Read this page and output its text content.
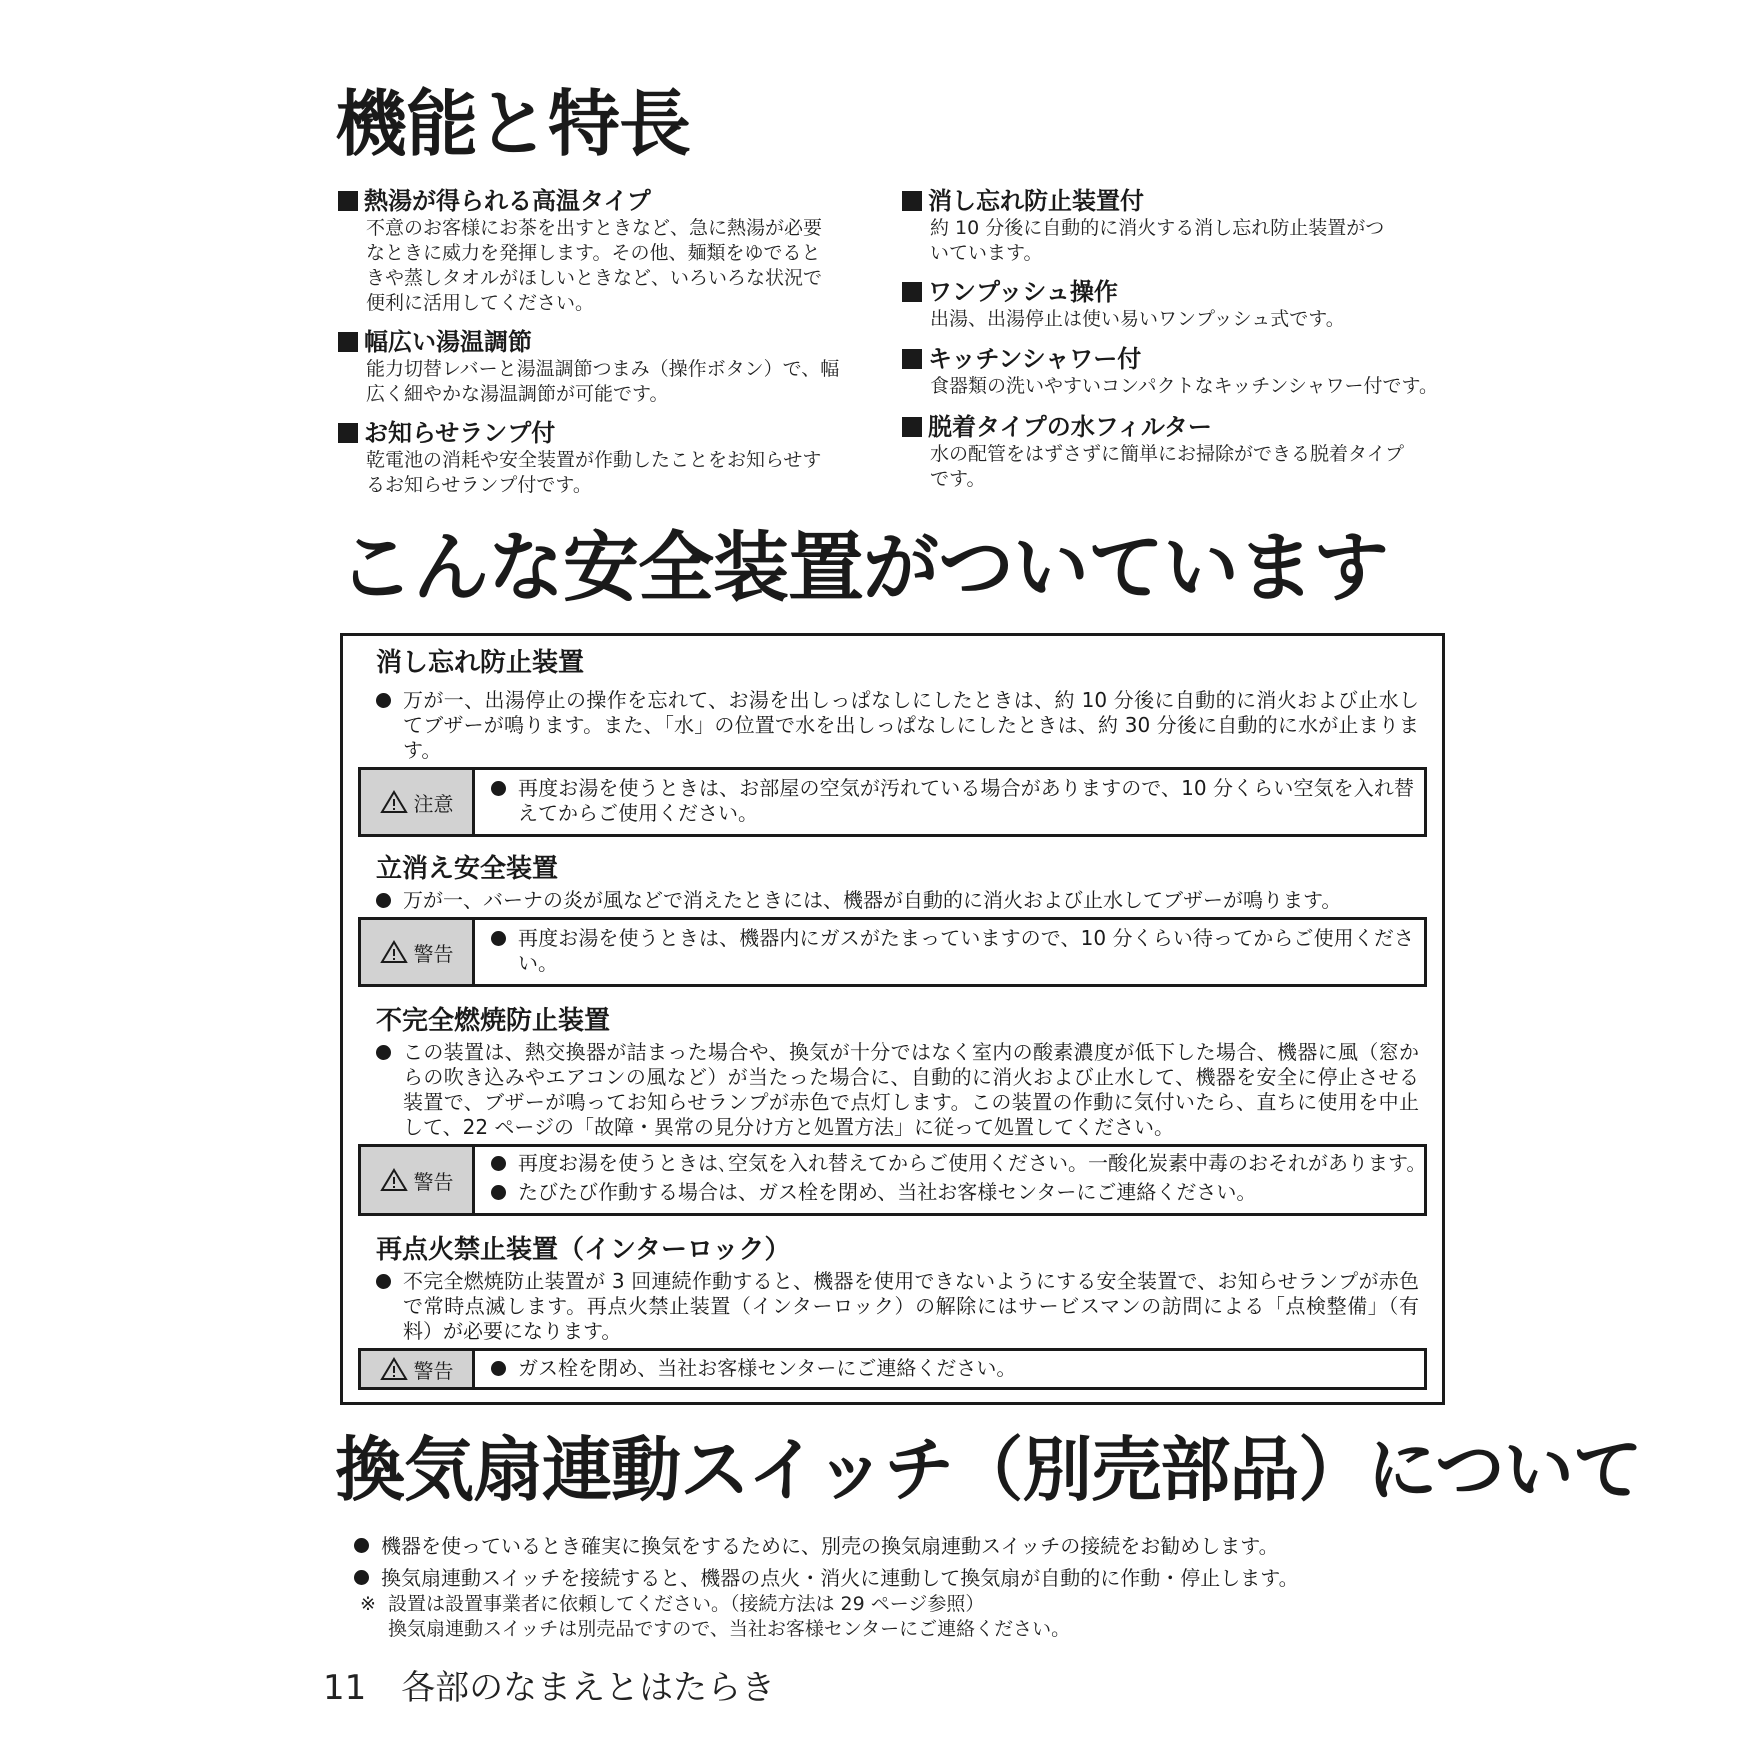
機能と特長
熱湯が得られる高温タイプ
不意のお客様にお茶を出すときなど、急に熱湯が必要
なときに威力を発揮します。その他、麺類をゆでると
きや蒸しタオルがほしいときなど、いろいろな状況で
便利に活用してください。
幅広い湯温調節
能力切替レバーと湯温調節つまみ（操作ボタン）で、幅
広く細やかな湯温調節が可能です。
お知らせランプ付
乾電池の消耗や安全装置が作動したことをお知らせす
るお知らせランプ付です。
消し忘れ防止装置付
約 10 分後に自動的に消火する消し忘れ防止装置がつ
いています。
ワンプッシュ操作
出湯、出湯停止は使い易いワンプッシュ式です。
キッチンシャワー付
食器類の洗いやすいコンパクトなキッチンシャワー付です。
脱着タイプの水フィルター
水の配管をはずさずに簡単にお掃除ができる脱着タイプ
です。
こんな安全装置がついています
消し忘れ防止装置
万が一、出湯停止の操作を忘れて、お湯を出しっぱなしにしたときは、約 10 分後に自動的に消火および止水してブザーが鳴ります。また、「水」の位置で水を出しっぱなしにしたときは、約 30 分後に自動的に水が止まります。
注意
再度お湯を使うときは、お部屋の空気が汚れている場合がありますので、10 分くらい空気を入れ替えてからご使用ください。
立消え安全装置
万が一、バーナの炎が風などで消えたときには、機器が自動的に消火および止水してブザーが鳴ります。
警告
再度お湯を使うときは、機器内にガスがたまっていますので、10 分くらい待ってからご使用ください。
不完全燃焼防止装置
この装置は、熱交換器が詰まった場合や、換気が十分ではなく室内の酸素濃度が低下した場合、機器に風（窓からの吹き込みやエアコンの風など）が当たった場合に、自動的に消火および止水して、機器を安全に停止させる装置で、ブザーが鳴ってお知らせランプが赤色で点灯します。この装置の作動に気付いたら、直ちに使用を中止して、22 ページの「故障・異常の見分け方と処置方法」に従って処置してください。
警告
再度お湯を使うときは､空気を入れ替えてからご使用ください。一酸化炭素中毒のおそれがあります。
たびたび作動する場合は、ガス栓を閉め、当社お客様センターにご連絡ください。
再点火禁止装置（インターロック）
不完全燃焼防止装置が 3 回連続作動すると、機器を使用できないようにする安全装置で、お知らせランプが赤色で常時点滅します。再点火禁止装置（インターロック）の解除にはサービスマンの訪問による「点検整備」（有料）が必要になります。
警告	ガス栓を閉め、当社お客様センターにご連絡ください。
換気扇連動スイッチ（別売部品）について
機器を使っているとき確実に換気をするために、別売の換気扇連動スイッチの接続をお勧めします。
換気扇連動スイッチを接続すると、機器の点火・消火に連動して換気扇が自動的に作動・停止します。
※ 設置は設置事業者に依頼してください。（接続方法は 29 ページ参照）
換気扇連動スイッチは別売品ですので、当社お客様センターにご連絡ください。
11 各部のなまえとはたらき
